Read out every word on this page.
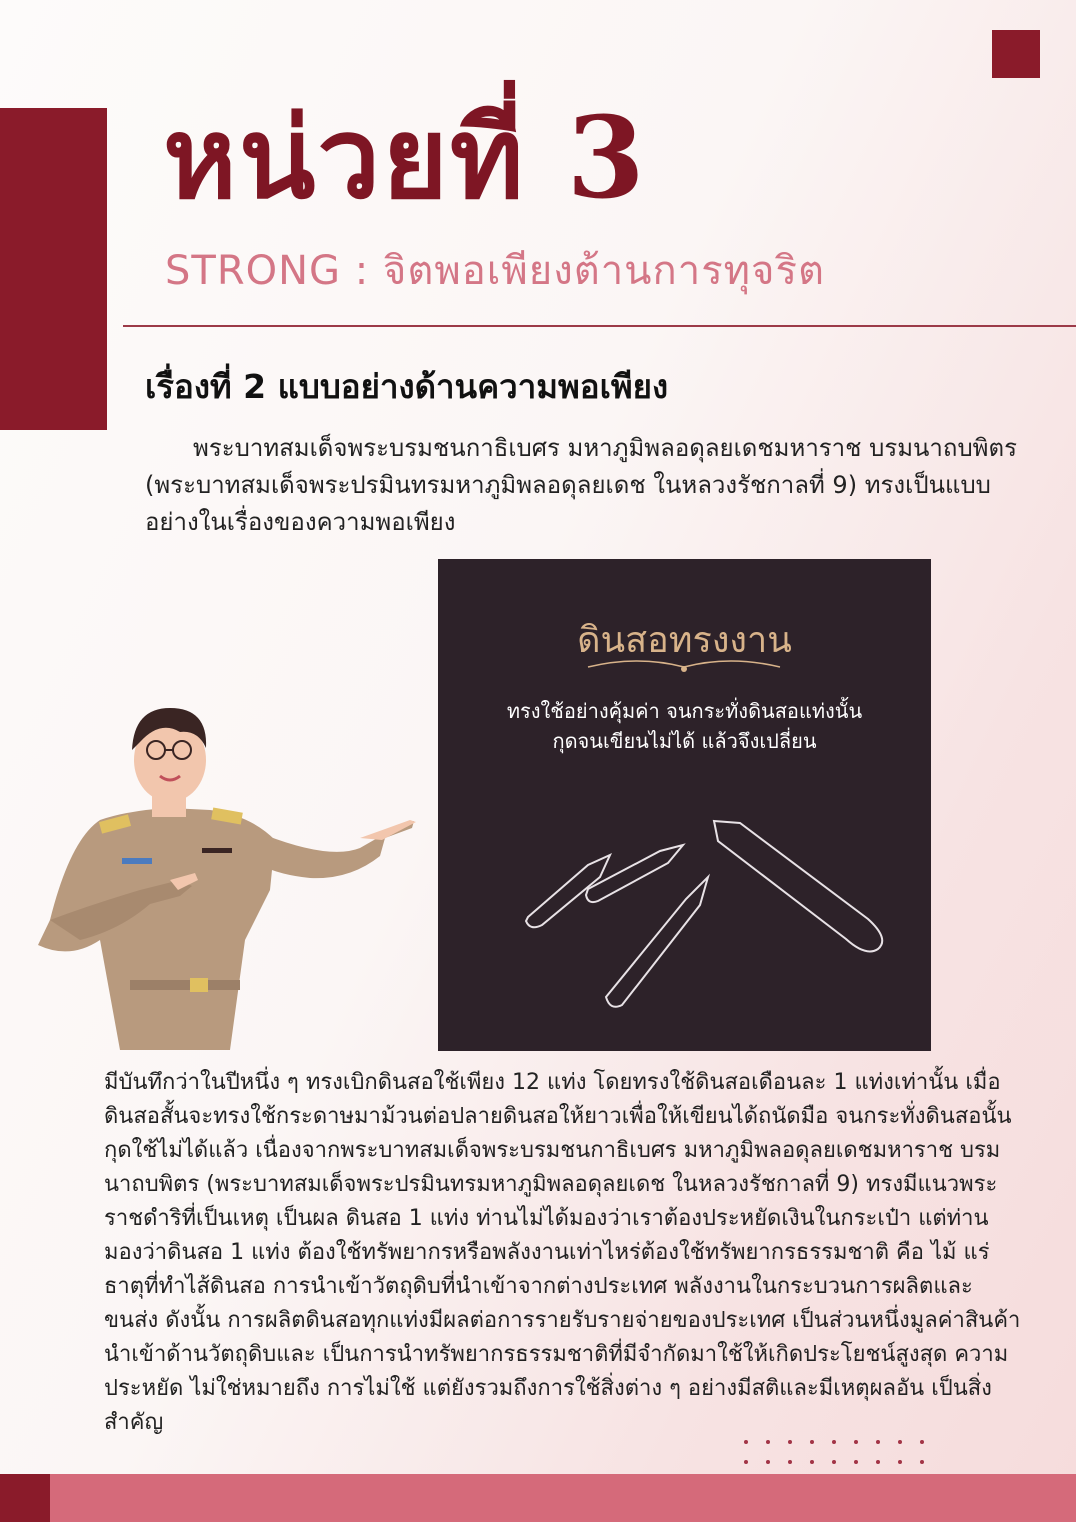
หน่วยที่ 3

STRONG : จิตพอเพียงต้านการทุจริต

เรื่องที่ 2 แบบอย่างด้านความพอเพียง

พระบาทสมเด็จพระบรมชนกาธิเบศร มหาภูมิพลอดุลยเดชมหาราช บรมนาถบพิตร (พระบาทสมเด็จพระปรมินทรมหาภูมิพลอดุลยเดช ในหลวงรัชกาลที่ 9) ทรงเป็นแบบอย่างในเรื่องของความพอเพียง

ดินสอทรงงาน
ทรงใช้อย่างคุ้มค่า จนกระทั่งดินสอแท่งนั้น
กุดจนเขียนไม่ได้ แล้วจึงเปลี่ยน

มีบันทึกว่าในปีหนึ่ง ๆ ทรงเบิกดินสอใช้เพียง 12 แท่ง โดยทรงใช้ดินสอเดือนละ 1 แท่งเท่านั้น เมื่อดินสอสั้นจะทรงใช้กระดาษมาม้วนต่อปลายดินสอให้ยาวเพื่อให้เขียนได้ถนัดมือ จนกระทั่งดินสอนั้นกุดใช้ไม่ได้แล้ว เนื่องจากพระบาทสมเด็จพระบรมชนกาธิเบศร มหาภูมิพลอดุลยเดชมหาราช บรมนาถบพิตร (พระบาทสมเด็จพระปรมินทรมหาภูมิพลอดุลยเดช ในหลวงรัชกาลที่ 9) ทรงมีแนวพระราชดำริที่เป็นเหตุ เป็นผล ดินสอ 1 แท่ง ท่านไม่ได้มองว่าเราต้องประหยัดเงินในกระเป๋า แต่ท่านมองว่าดินสอ 1 แท่ง ต้องใช้ทรัพยากรหรือพลังงานเท่าไหร่ต้องใช้ทรัพยากรธรรมชาติ คือ ไม้ แร่ธาตุที่ทำไส้ดินสอ การนำเข้าวัตถุดิบที่นำเข้าจากต่างประเทศ พลังงานในกระบวนการผลิตและขนส่ง ดังนั้น การผลิตดินสอทุกแท่งมีผลต่อการรายรับรายจ่ายของประเทศ เป็นส่วนหนึ่งมูลค่าสินค้านำเข้าด้านวัตถุดิบและ เป็นการนำทรัพยากรธรรมชาติที่มีจำกัดมาใช้ให้เกิดประโยชน์สูงสุด ความประหยัด ไม่ใช่หมายถึง การไม่ใช้ แต่ยังรวมถึงการใช้สิ่งต่าง ๆ อย่างมีสติและมีเหตุผลอัน เป็นสิ่งสำคัญ
